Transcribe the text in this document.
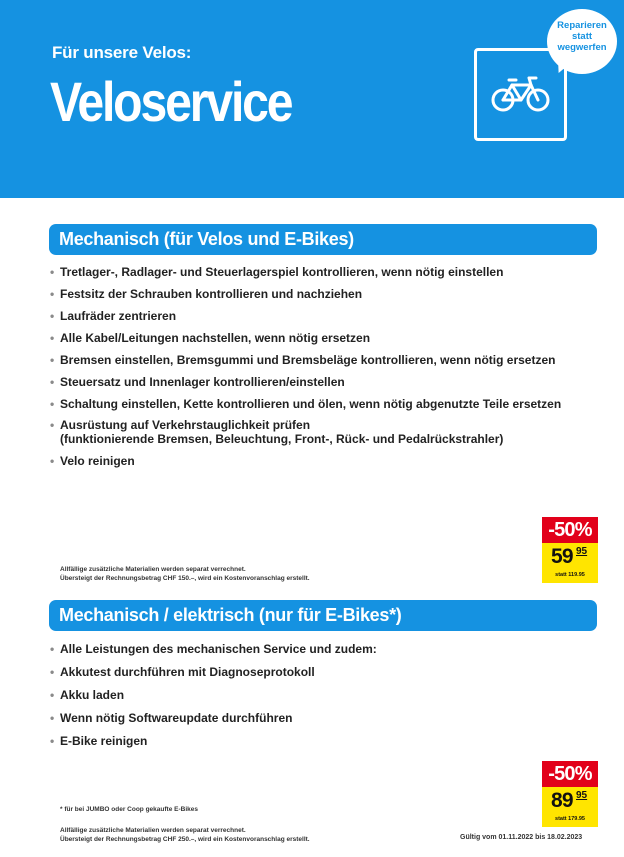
Für unsere Velos:
Veloservice
Reparieren
statt
wegwerfen
Mechanisch (für Velos und E-Bikes)
• Tretlager-, Radlager- und Steuerlagerspiel kontrollieren, wenn nötig einstellen
• Festsitz der Schrauben kontrollieren und nachziehen
• Laufräder zentrieren
• Alle Kabel/Leitungen nachstellen, wenn nötig ersetzen
• Bremsen einstellen, Bremsgummi und Bremsbeläge kontrollieren, wenn nötig ersetzen
• Steuersatz und Innenlager kontrollieren/einstellen
• Schaltung einstellen, Kette kontrollieren und ölen, wenn nötig abgenutzte Teile ersetzen
• Ausrüstung auf Verkehrstauglichkeit prüfen
(funktionierende Bremsen, Beleuchtung, Front-, Rück- und Pedalrückstrahler)
• Velo reinigen
Allfällige zusätzliche Materialien werden separat verrechnet.
Übersteigt der Rechnungsbetrag CHF 150.–, wird ein Kostenvoranschlag erstellt.
-50%
59 95
statt 119.95
Mechanisch / elektrisch (nur für E-Bikes*)
• Alle Leistungen des mechanischen Service und zudem:
• Akkutest durchführen mit Diagnoseprotokoll
• Akku laden
• Wenn nötig Softwareupdate durchführen
• E-Bike reinigen
* für bei JUMBO oder Coop gekaufte E-Bikes
Allfällige zusätzliche Materialien werden separat verrechnet.
Übersteigt der Rechnungsbetrag CHF 250.–, wird ein Kostenvoranschlag erstellt.
-50%
89 95
statt 179.95
Gültig vom 01.11.2022 bis 18.02.2023
